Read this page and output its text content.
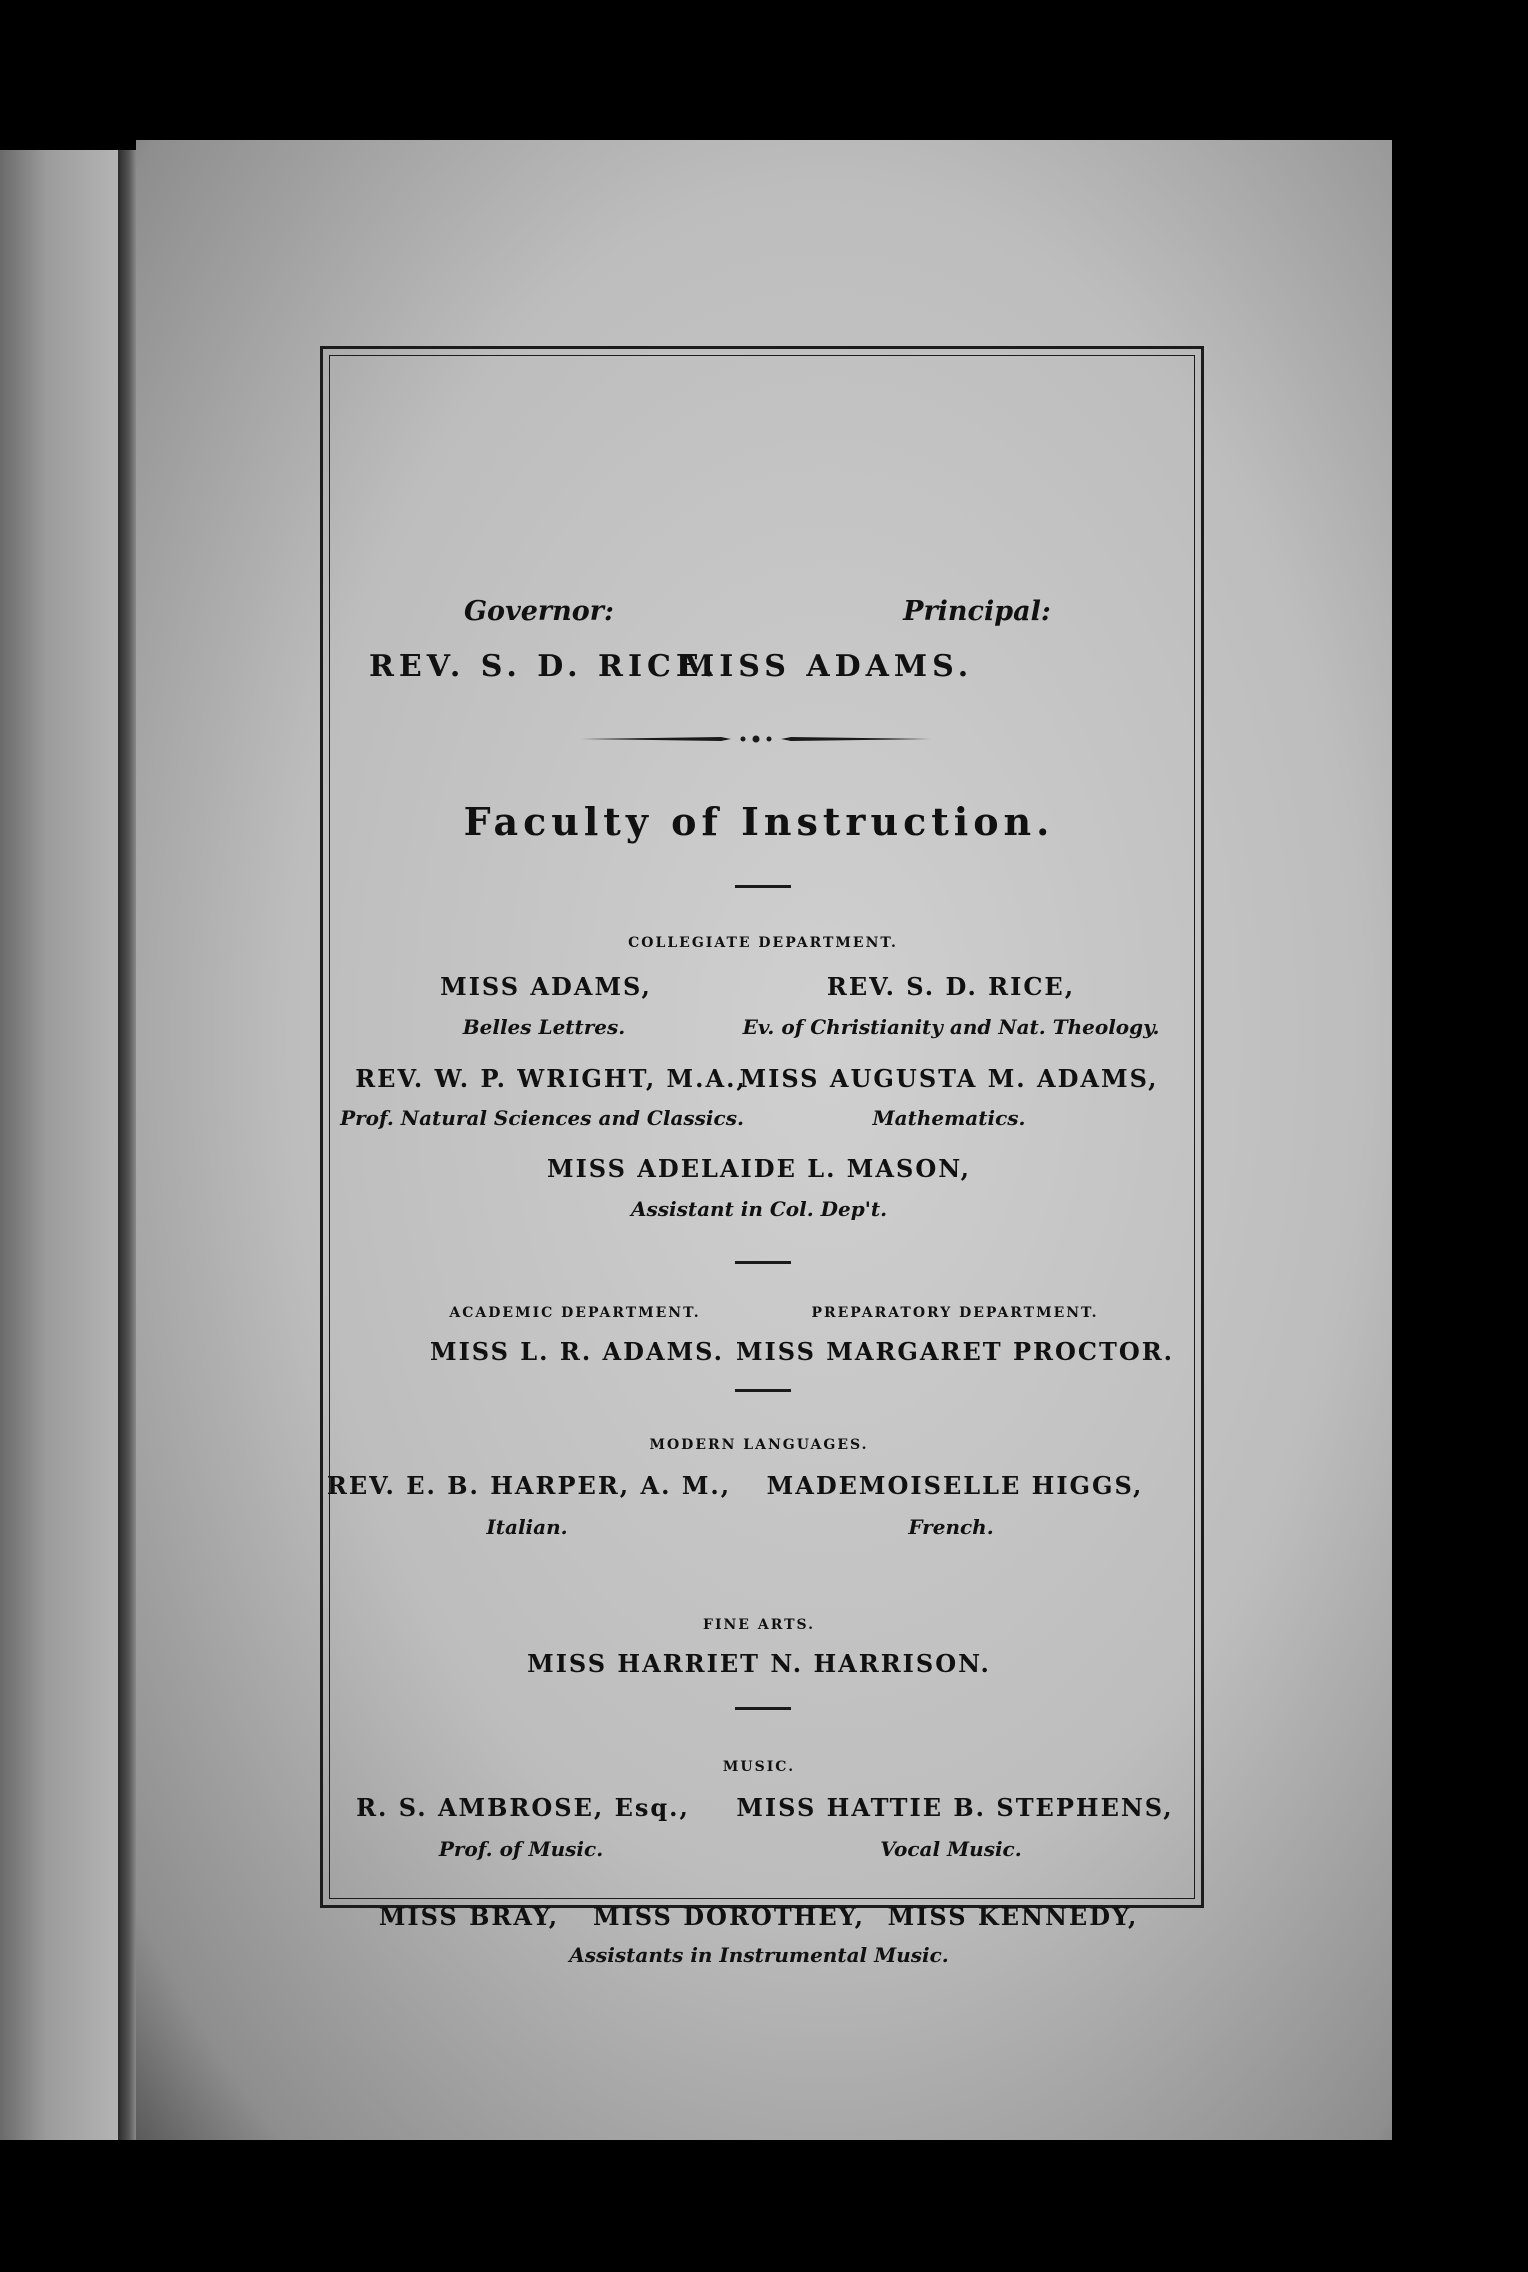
Governor:
REV. S. D. RICE.
Principal:
MISS ADAMS.
Faculty of Instruction.
COLLEGIATE DEPARTMENT.
MISS ADAMS,
Belles Lettres.
REV. S. D. RICE,
Ev. of Christianity and Nat. Theology.
REV. W. P. WRIGHT, M.A.,
Prof. Natural Sciences and Classics.
MISS AUGUSTA M. ADAMS,
Mathematics.
MISS ADELAIDE L. MASON,
Assistant in Col. Dep't.
ACADEMIC DEPARTMENT.
MISS L. R. ADAMS.
PREPARATORY DEPARTMENT.
MISS MARGARET PROCTOR.
MODERN LANGUAGES.
REV. E. B. HARPER, A. M.,
Italian.
MADEMOISELLE HIGGS,
French.
FINE ARTS.
MISS HARRIET N. HARRISON.
MUSIC.
R. S. AMBROSE, Esq.,
Prof. of Music.
MISS HATTIE B. STEPHENS,
Vocal Music.
MISS BRAY, MISS DOROTHEY, MISS KENNEDY,
Assistants in Instrumental Music.
